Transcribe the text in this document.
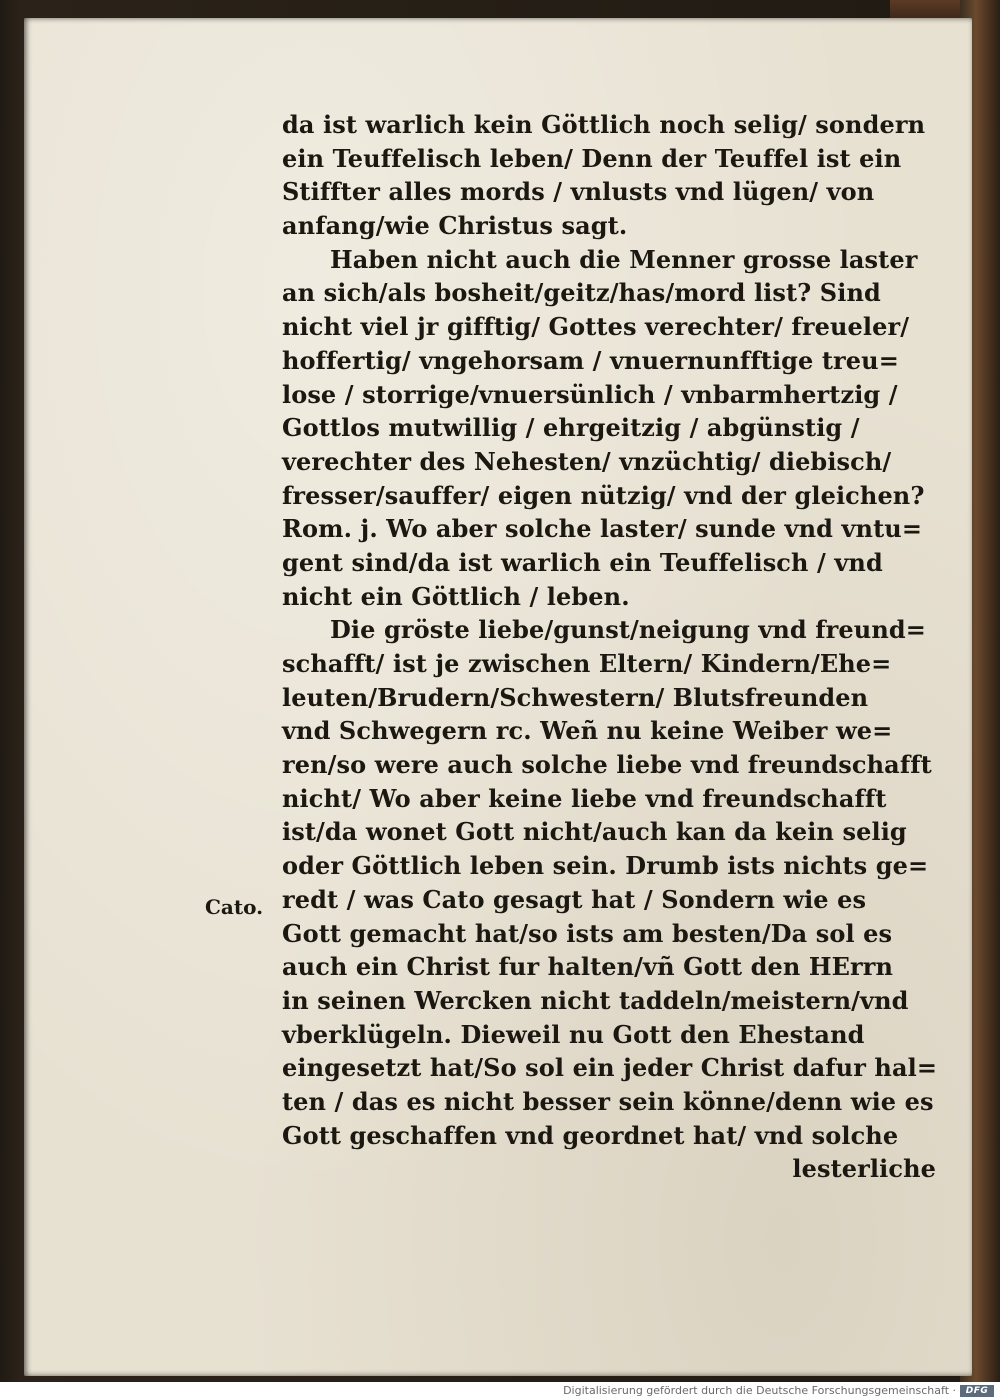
da ist warlich kein Göttlich noch selig/ sondern
ein Teuffelisch leben/ Denn der Teuffel ist ein
Stiffter alles mords / vnlusts vnd lügen/ von
anfang/wie Christus sagt.
Haben nicht auch die Menner grosse laster
an sich/als bosheit/geitz/has/mord list? Sind
nicht viel jr gifftig/ Gottes verechter/ freueler/
hoffertig/ vngehorsam / vnuernunfftige treu=
lose / storrige/vnuersünlich / vnbarmhertzig /
Gottlos mutwillig / ehrgeitzig / abgünstig /
verechter des Nehesten/ vnzüchtig/ diebisch/
fresser/sauffer/ eigen nützig/ vnd der gleichen?
Rom. j. Wo aber solche laster/ sunde vnd vntu=
gent sind/da ist warlich ein Teuffelisch / vnd
nicht ein Göttlich / leben.
Die gröste liebe/gunst/neigung vnd freund=
schafft/ ist je zwischen Eltern/ Kindern/Ehe=
leuten/Brudern/Schwestern/ Blutsfreunden
vnd Schwegern rc. Weñ nu keine Weiber we=
ren/so were auch solche liebe vnd freundschafft
nicht/ Wo aber keine liebe vnd freundschafft
ist/da wonet Gott nicht/auch kan da kein selig
oder Göttlich leben sein. Drumb ists nichts ge=
redt / was Cato gesagt hat / Sondern wie es
Gott gemacht hat/so ists am besten/Da sol es
auch ein Christ fur halten/vñ Gott den HErrn
in seinen Wercken nicht taddeln/meistern/vnd
vberklügeln. Dieweil nu Gott den Ehestand
eingesetzt hat/So sol ein jeder Christ dafur hal=
ten / das es nicht besser sein könne/denn wie es
Gott geschaffen vnd geordnet hat/ vnd solche
lesterliche
Cato.
Digitalisierung gefördert durch die Deutsche Forschungsgemeinschaft ·	DFG
